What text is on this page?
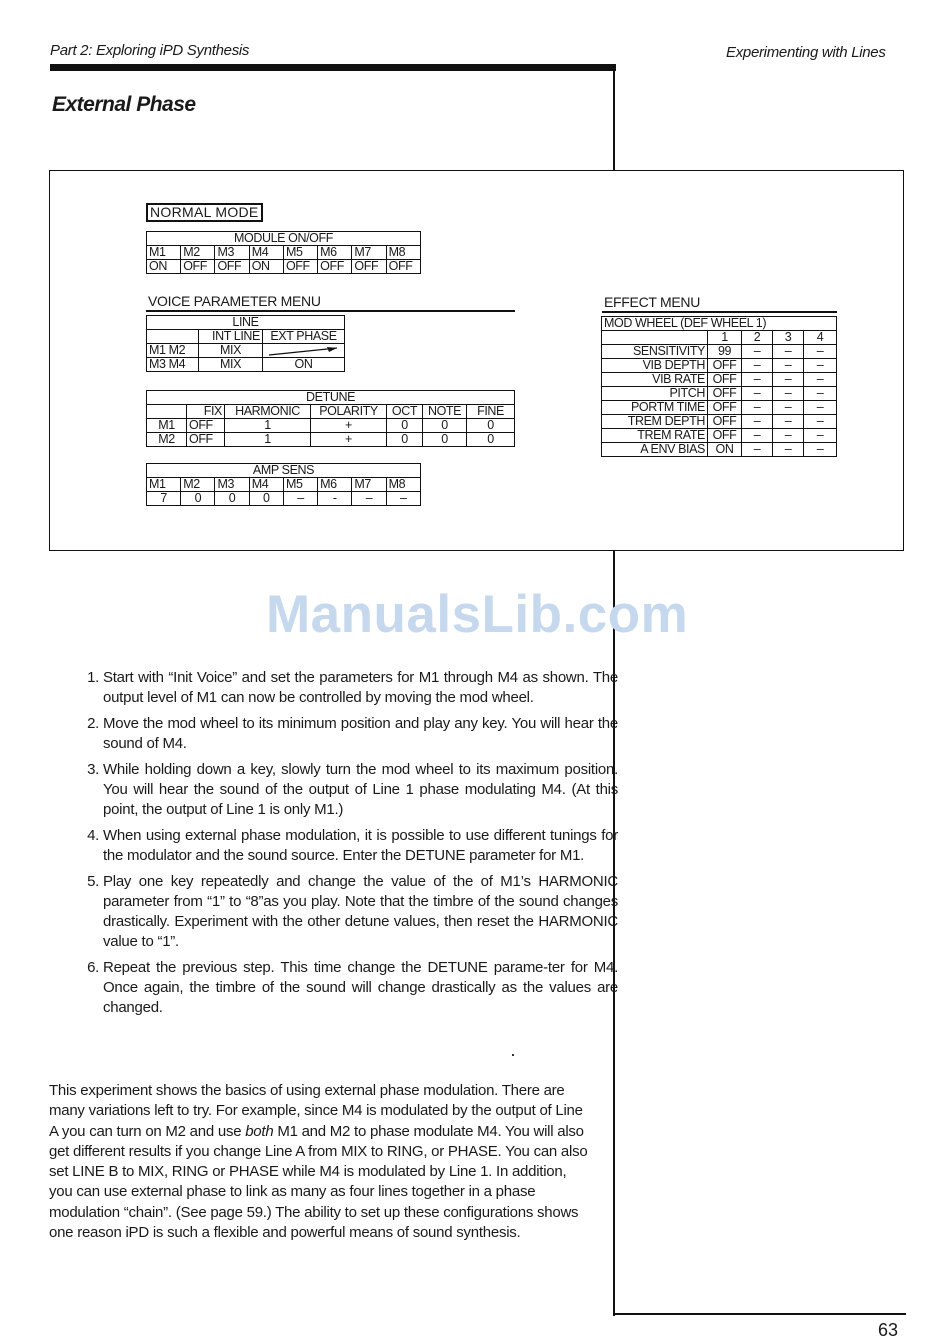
Part 2: Exploring iPD Synthesis	Experimenting with Lines
External Phase
NORMAL MODE
MODULE ON/OFF							
M1	M2	M3	M4	M5	M6	M7	M8
ON	OFF	OFF	ON	OFF	OFF	OFF	OFF
VOICE PARAMETER MENU
LINE		
	INT LINE	EXT PHASE
M1 M2	MIX	

M3 M4	MIX	ON
DETUNE						
	FIX	HARMONIC	POLARITY	OCT	NOTE	FINE
M1	OFF	1	+	0	0	0
M2	OFF	1	+	0	0	0
AMP SENS							
M1	M2	M3	M4	M5	M6	M7	M8
7	0	0	0	–	-	–	–
EFFECT MENU
MOD WHEEL (DEF WHEEL 1)				
	1	2	3	4
SENSITIVITY	99	–	–	–
VIB DEPTH	OFF	–	–	–
VIB RATE	OFF	–	–	–
PITCH	OFF	–	–	–
PORTM TIME	OFF	–	–	–
TREM DEPTH	OFF	–	–	–
TREM RATE	OFF	–	–	–
A ENV BIAS	ON	–	–	–
ManualsLib.com
1. Start with “Init Voice” and set the parameters for M1 through M4 as shown. The output level of M1 can now be controlled by moving the mod wheel.
2. Move the mod wheel to its minimum position and play any key. You will hear the sound of M4.
3. While holding down a key, slowly turn the mod wheel to its maximum position. You will hear the sound of the output of Line 1 phase modulating M4. (At this point, the output of Line 1 is only M1.)
4. When using external phase modulation, it is possible to use different tunings for the modulator and the sound source. Enter the DETUNE parameter for M1.
5. Play one key repeatedly and change the value of the of M1’s HARMONIC parameter from “1” to “8”as you play. Note that the timbre of the sound changes drastically. Experiment with the other detune values, then reset the HARMONIC value to “1”.
6. Repeat the previous step. This time change the DETUNE parame-ter for M4. Once again, the timbre of the sound will change drastically as the values are changed.

This experiment shows the basics of using external phase modulation. There are many variations left to try. For example, since M4 is modulated by the output of Line A you can turn on M2 and use both M1 and M2 to phase modulate M4. You will also get different results if you change Line A from MIX to RING, or PHASE. You can also set LINE B to MIX, RING or PHASE while M4 is modulated by Line 1. In addition, you can use external phase to link as many as four lines together in a phase modulation “chain”. (See page 59.) The ability to set up these configurations shows one reason iPD is such a flexible and powerful means of sound synthesis.

63
